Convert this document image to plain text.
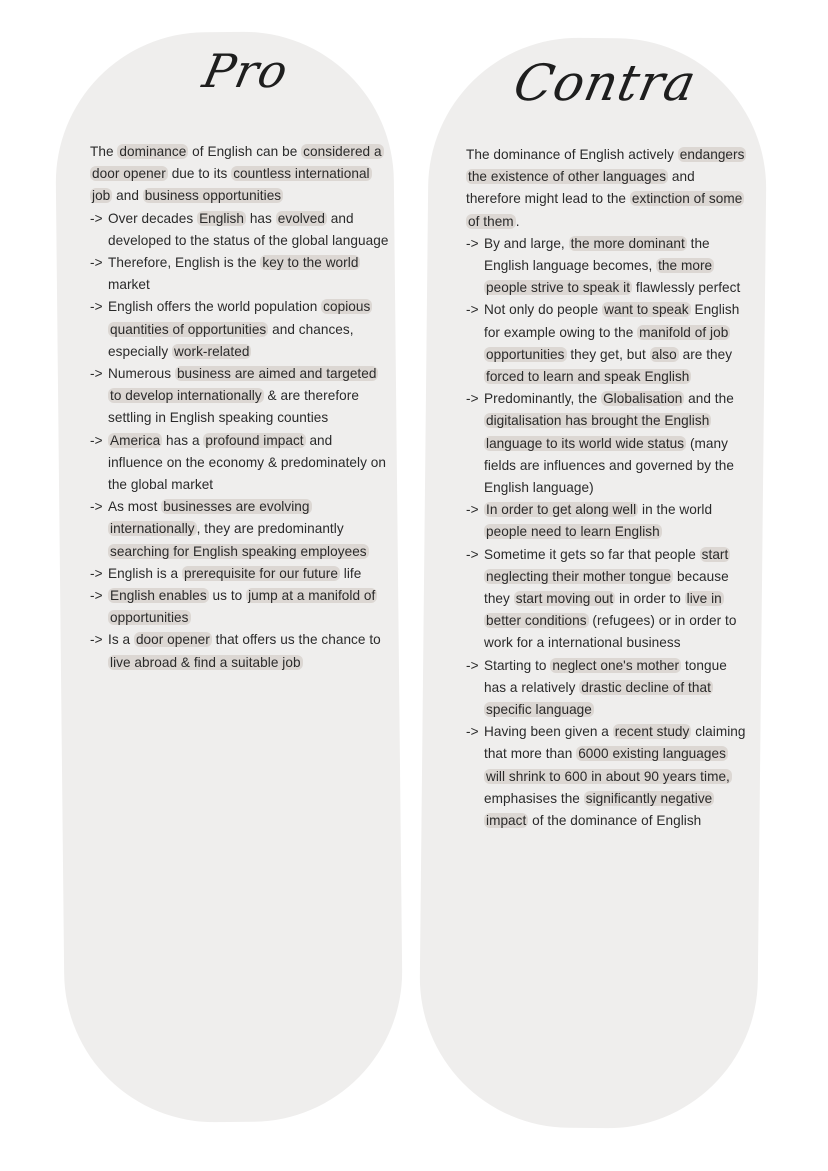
Pro	Contra

The dominance of English can be considered a door opener due to its countless international job and business opportunities

-> Over decades English has evolved and developed to the status of the global language
-> Therefore, English is the key to the world market
-> English offers the world population copious quantities of opportunities and chances, especially work-related
-> Numerous business are aimed and targeted to develop internationally & are therefore settling in English speaking counties
-> America has a profound impact and influence on the economy & predominately on the global market
-> As most businesses are evolving internationally , they are predominantly searching for English speaking employees
-> English is a prerequisite for our future life
-> English enables us to jump at a manifold of opportunities
-> Is a door opener that offers us the chance to live abroad & find a suitable job

The dominance of English actively endangers the existence of other languages and therefore might lead to the extinction of some of them .

-> By and large, the more dominant the English language becomes, the more people strive to speak it flawlessly perfect
-> Not only do people want to speak English for example owing to the manifold of job opportunities they get, but also are they forced to learn and speak English
-> Predominantly, the Globalisation and the digitalisation has brought the English language to its world wide status (many fields are influences and governed by the English language)
-> In order to get along well in the world people need to learn English
-> Sometime it gets so far that people start neglecting their mother tongue because they start moving out in order to live in better conditions (refugees) or in order to work for a international business
-> Starting to neglect one's mother tongue has a relatively drastic decline of that specific language
-> Having been given a recent study claiming that more than 6000 existing languages will shrink to 600 in about 90 years time, emphasises the significantly negative impact of the dominance of English
